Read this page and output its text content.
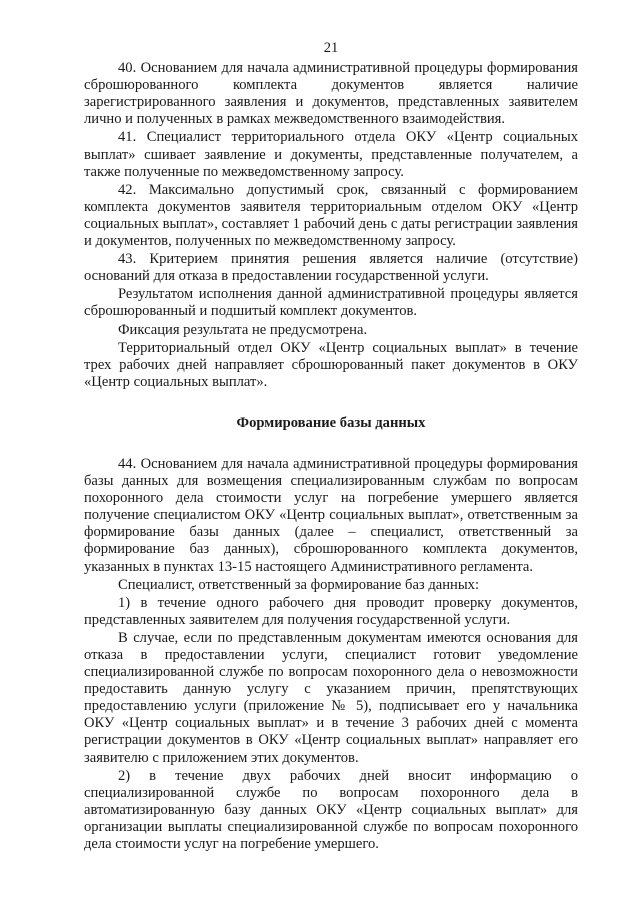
21

40. Основанием для начала административной процедуры формирования сброшюрованного комплекта документов является наличие зарегистрированного заявления и документов, представленных заявителем лично и полученных в рамках межведомственного взаимодействия.

41. Специалист территориального отдела ОКУ «Центр социальных выплат» сшивает заявление и документы, представленные получателем, а также полученные по межведомственному запросу.

42. Максимально допустимый срок, связанный с формированием комплекта документов заявителя территориальным отделом ОКУ «Центр социальных выплат», составляет 1 рабочий день с даты регистрации заявления и документов, полученных по межведомственному запросу.

43. Критерием принятия решения является наличие (отсутствие) оснований для отказа в предоставлении государственной услуги.

Результатом исполнения данной административной процедуры является сброшюрованный и подшитый комплект документов.

Фиксация результата не предусмотрена.

Территориальный отдел ОКУ «Центр социальных выплат» в течение трех рабочих дней направляет сброшюрованный пакет документов в ОКУ «Центр социальных выплат».

Формирование базы данных

44. Основанием для начала административной процедуры формирования базы данных для возмещения специализированным службам по вопросам похоронного дела стоимости услуг на погребение умершего является получение специалистом ОКУ «Центр социальных выплат», ответственным за формирование базы данных (далее – специалист, ответственный за формирование баз данных), сброшюрованного комплекта документов, указанных в пунктах 13-15 настоящего Административного регламента.

Специалист, ответственный за формирование баз данных:

1) в течение одного рабочего дня проводит проверку документов, представленных заявителем для получения государственной услуги.

В случае, если по представленным документам имеются основания для отказа в предоставлении услуги, специалист готовит уведомление специализированной службе по вопросам похоронного дела о невозможности предоставить данную услугу с указанием причин, препятствующих предоставлению услуги (приложение № 5), подписывает его у начальника ОКУ «Центр социальных выплат» и в течение 3 рабочих дней с момента регистрации документов в ОКУ «Центр социальных выплат» направляет его заявителю с приложением этих документов.

2) в течение двух рабочих дней вносит информацию о специализированной службе по вопросам похоронного дела в автоматизированную базу данных ОКУ «Центр социальных выплат» для организации выплаты специализированной службе по вопросам похоронного дела стоимости услуг на погребение умершего.
